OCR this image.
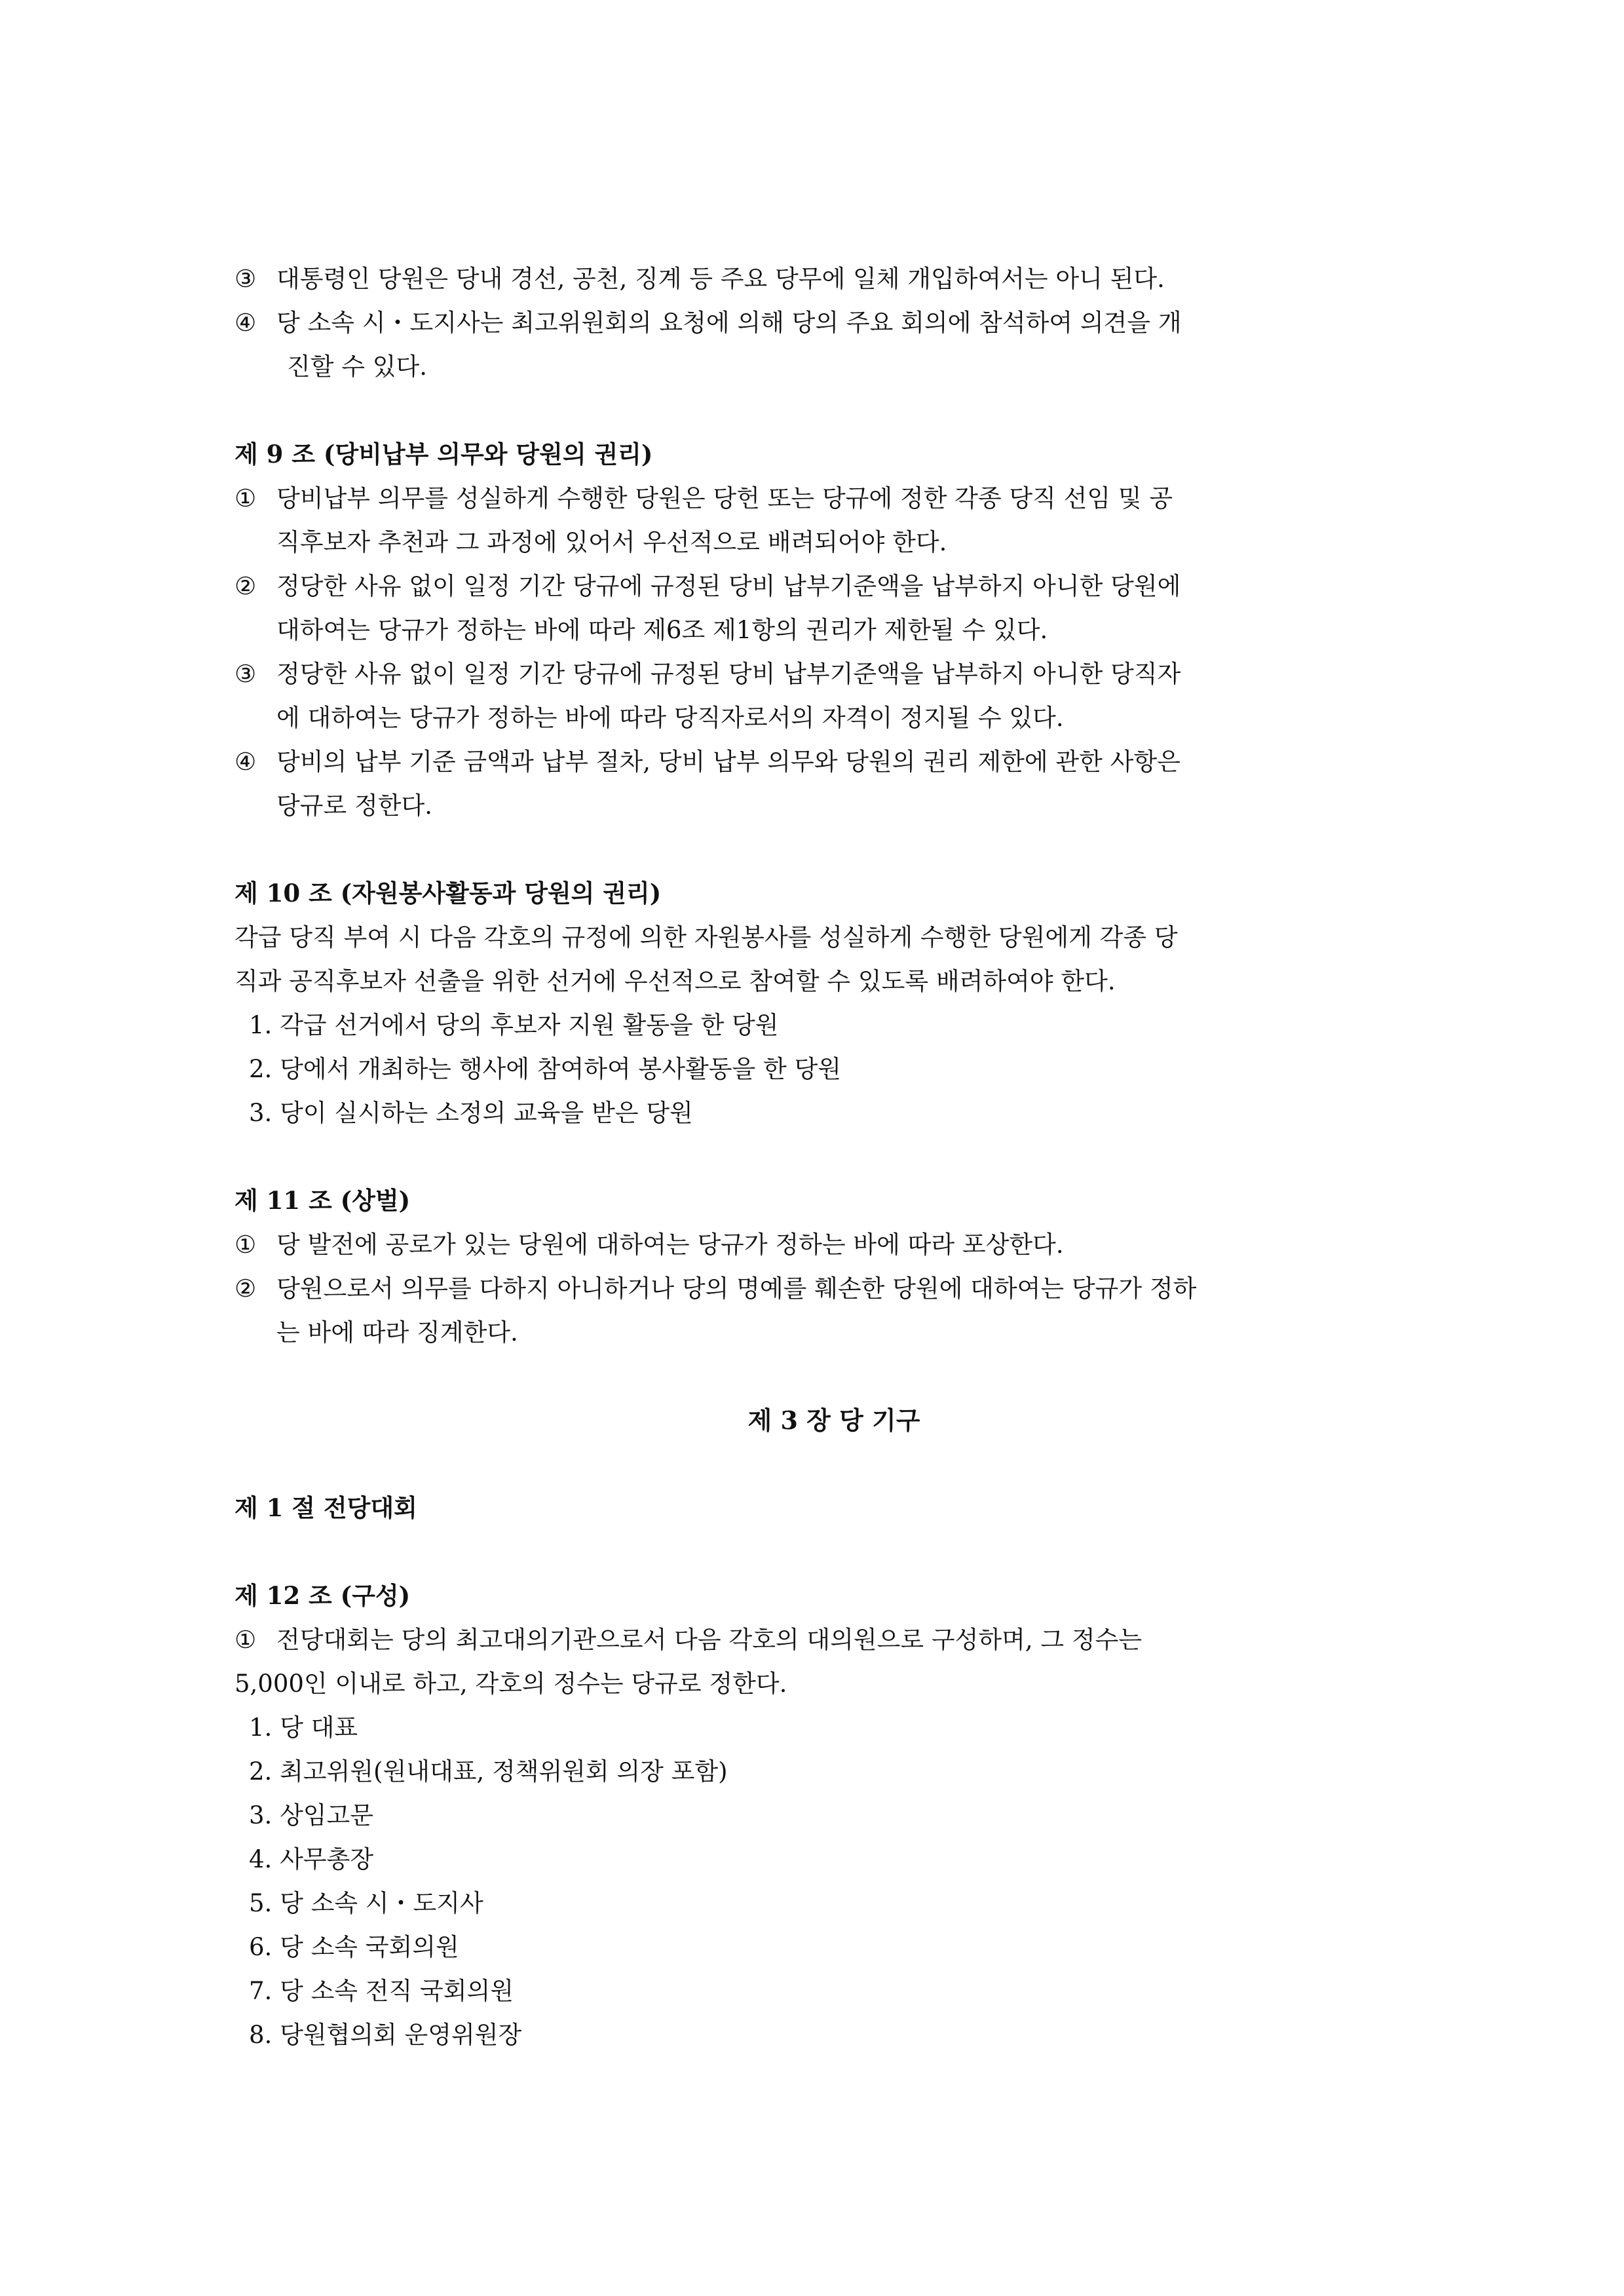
③ 대통령인 당원은 당내 경선, 공천, 징계 등 주요 당무에 일체 개입하여서는 아니 된다.
④ 당 소속 시・도지사는 최고위원회의 요청에 의해 당의 주요 회의에 참석하여 의견을 개
진할 수 있다.
제 9 조 (당비납부 의무와 당원의 권리)
① 당비납부 의무를 성실하게 수행한 당원은 당헌 또는 당규에 정한 각종 당직 선임 및 공
직후보자 추천과 그 과정에 있어서 우선적으로 배려되어야 한다.
② 정당한 사유 없이 일정 기간 당규에 규정된 당비 납부기준액을 납부하지 아니한 당원에
대하여는 당규가 정하는 바에 따라 제6조 제1항의 권리가 제한될 수 있다.
③ 정당한 사유 없이 일정 기간 당규에 규정된 당비 납부기준액을 납부하지 아니한 당직자
에 대하여는 당규가 정하는 바에 따라 당직자로서의 자격이 정지될 수 있다.
④ 당비의 납부 기준 금액과 납부 절차, 당비 납부 의무와 당원의 권리 제한에 관한 사항은
당규로 정한다.
제 10 조 (자원봉사활동과 당원의 권리)
각급 당직 부여 시 다음 각호의 규정에 의한 자원봉사를 성실하게 수행한 당원에게 각종 당
직과 공직후보자 선출을 위한 선거에 우선적으로 참여할 수 있도록 배려하여야 한다.
1. 각급 선거에서 당의 후보자 지원 활동을 한 당원
2. 당에서 개최하는 행사에 참여하여 봉사활동을 한 당원
3. 당이 실시하는 소정의 교육을 받은 당원
제 11 조 (상벌)
① 당 발전에 공로가 있는 당원에 대하여는 당규가 정하는 바에 따라 포상한다.
② 당원으로서 의무를 다하지 아니하거나 당의 명예를 훼손한 당원에 대하여는 당규가 정하
는 바에 따라 징계한다.
제 3 장 당 기구
제 1 절 전당대회
제 12 조 (구성)
① 전당대회는 당의 최고대의기관으로서 다음 각호의 대의원으로 구성하며, 그 정수는
5,000인 이내로 하고, 각호의 정수는 당규로 정한다.
1. 당 대표
2. 최고위원(원내대표, 정책위원회 의장 포함)
3. 상임고문
4. 사무총장
5. 당 소속 시・도지사
6. 당 소속 국회의원
7. 당 소속 전직 국회의원
8. 당원협의회 운영위원장
